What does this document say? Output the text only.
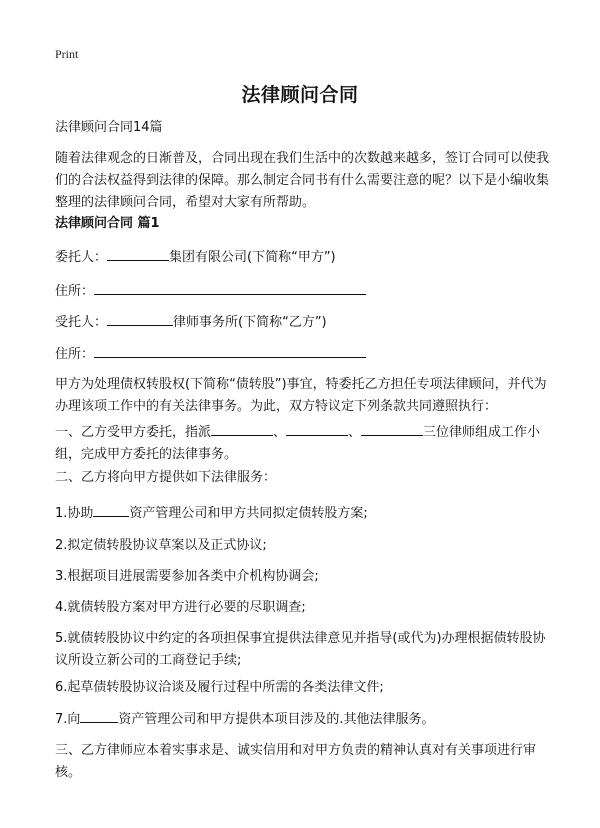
Print
法律顾问合同

法律顾问合同14篇

随着法律观念的日渐普及，合同出现在我们生活中的次数越来越多，签订合同可以使我们的合法权益得到法律的保障。那么制定合同书有什么需要注意的呢？以下是小编收集整理的法律顾问合同，希望对大家有所帮助。

法律顾问合同 篇1

委托人：	集团有限公司(下简称“甲方”)

住所：

受托人：	律师事务所(下简称“乙方”)

住所：

甲方为处理债权转股权(下简称“债转股”)事宜，特委托乙方担任专项法律顾问，并代为办理该项工作中的有关法律事务。为此，双方特议定下列条款共同遵照执行：

一、乙方受甲方委托，指派	、	、	三位律师组成工作小组，完成甲方委托的法律事务。

二、乙方将向甲方提供如下法律服务：

1.协助	资产管理公司和甲方共同拟定债转股方案;

2.拟定债转股协议草案以及正式协议;

3.根据项目进展需要参加各类中介机构协调会;

4.就债转股方案对甲方进行必要的尽职调查;

5.就债转股协议中约定的各项担保事宜提供法律意见并指导(或代为)办理根据债转股协议所设立新公司的工商登记手续;

6.起草债转股协议洽谈及履行过程中所需的各类法律文件;

7.向	资产管理公司和甲方提供本项目涉及的.其他法律服务。

三、乙方律师应本着实事求是、诚实信用和对甲方负责的精神认真对有关事项进行审核。
